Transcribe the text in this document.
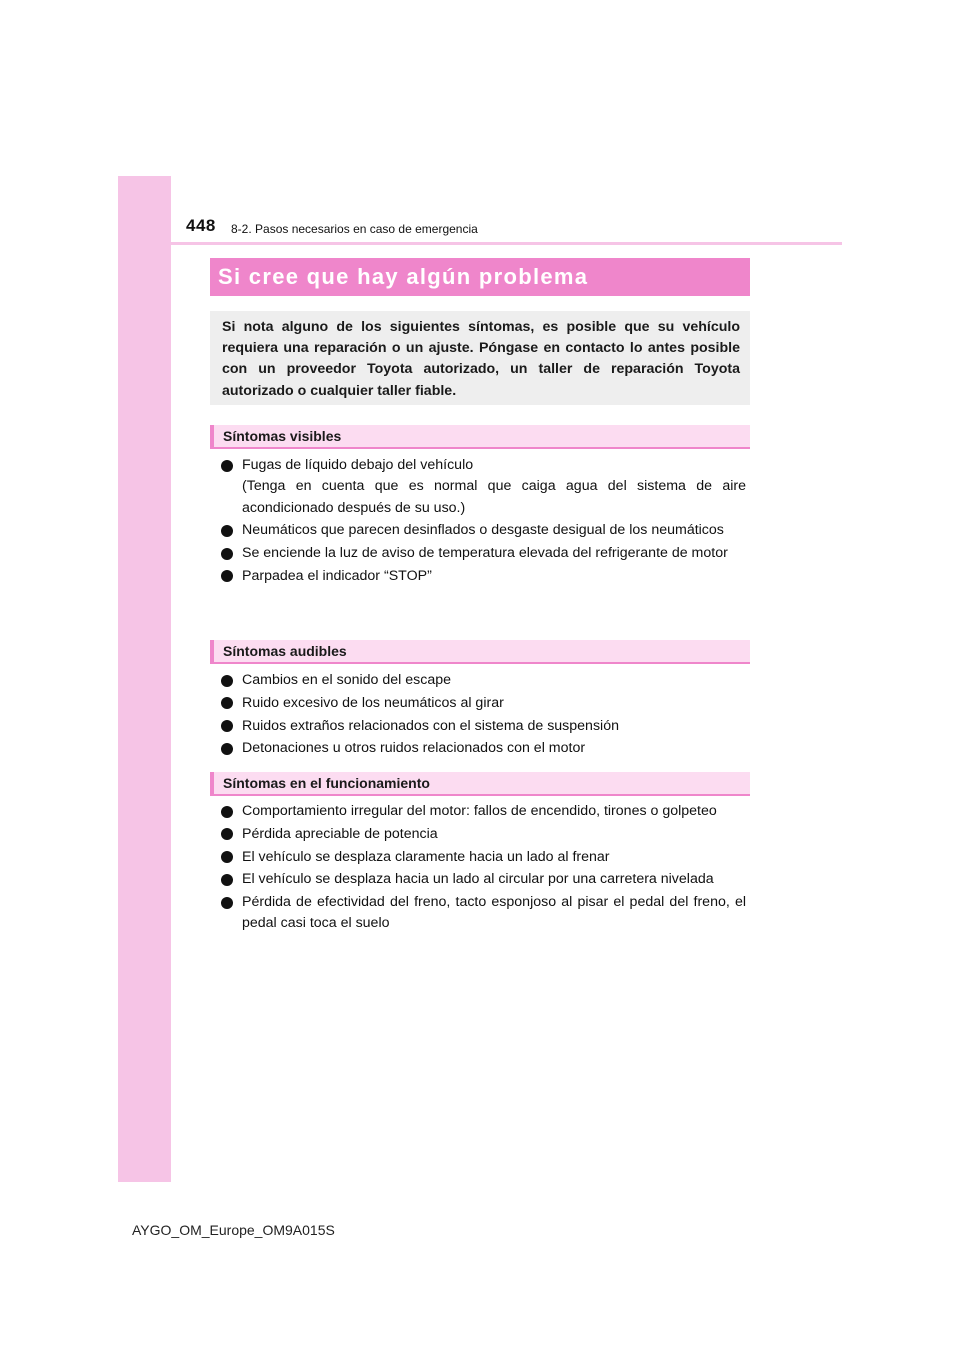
448 8-2. Pasos necesarios en caso de emergencia
Si cree que hay algún problema
Si nota alguno de los siguientes síntomas, es posible que su vehículo requiera una reparación o un ajuste. Póngase en contacto lo antes posible con un proveedor Toyota autorizado, un taller de reparación Toyota autorizado o cualquier taller fiable.
Síntomas visibles
Fugas de líquido debajo del vehículo
(Tenga en cuenta que es normal que caiga agua del sistema de aire acondicionado después de su uso.)
Neumáticos que parecen desinflados o desgaste desigual de los neumáticos
Se enciende la luz de aviso de temperatura elevada del refrigerante de motor
Parpadea el indicador “STOP”
Síntomas audibles
Cambios en el sonido del escape
Ruido excesivo de los neumáticos al girar
Ruidos extraños relacionados con el sistema de suspensión
Detonaciones u otros ruidos relacionados con el motor
Síntomas en el funcionamiento
Comportamiento irregular del motor: fallos de encendido, tirones o golpeteo
Pérdida apreciable de potencia
El vehículo se desplaza claramente hacia un lado al frenar
El vehículo se desplaza hacia un lado al circular por una carretera nivelada
Pérdida de efectividad del freno, tacto esponjoso al pisar el pedal del freno, el pedal casi toca el suelo
AYGO_OM_Europe_OM9A015S
